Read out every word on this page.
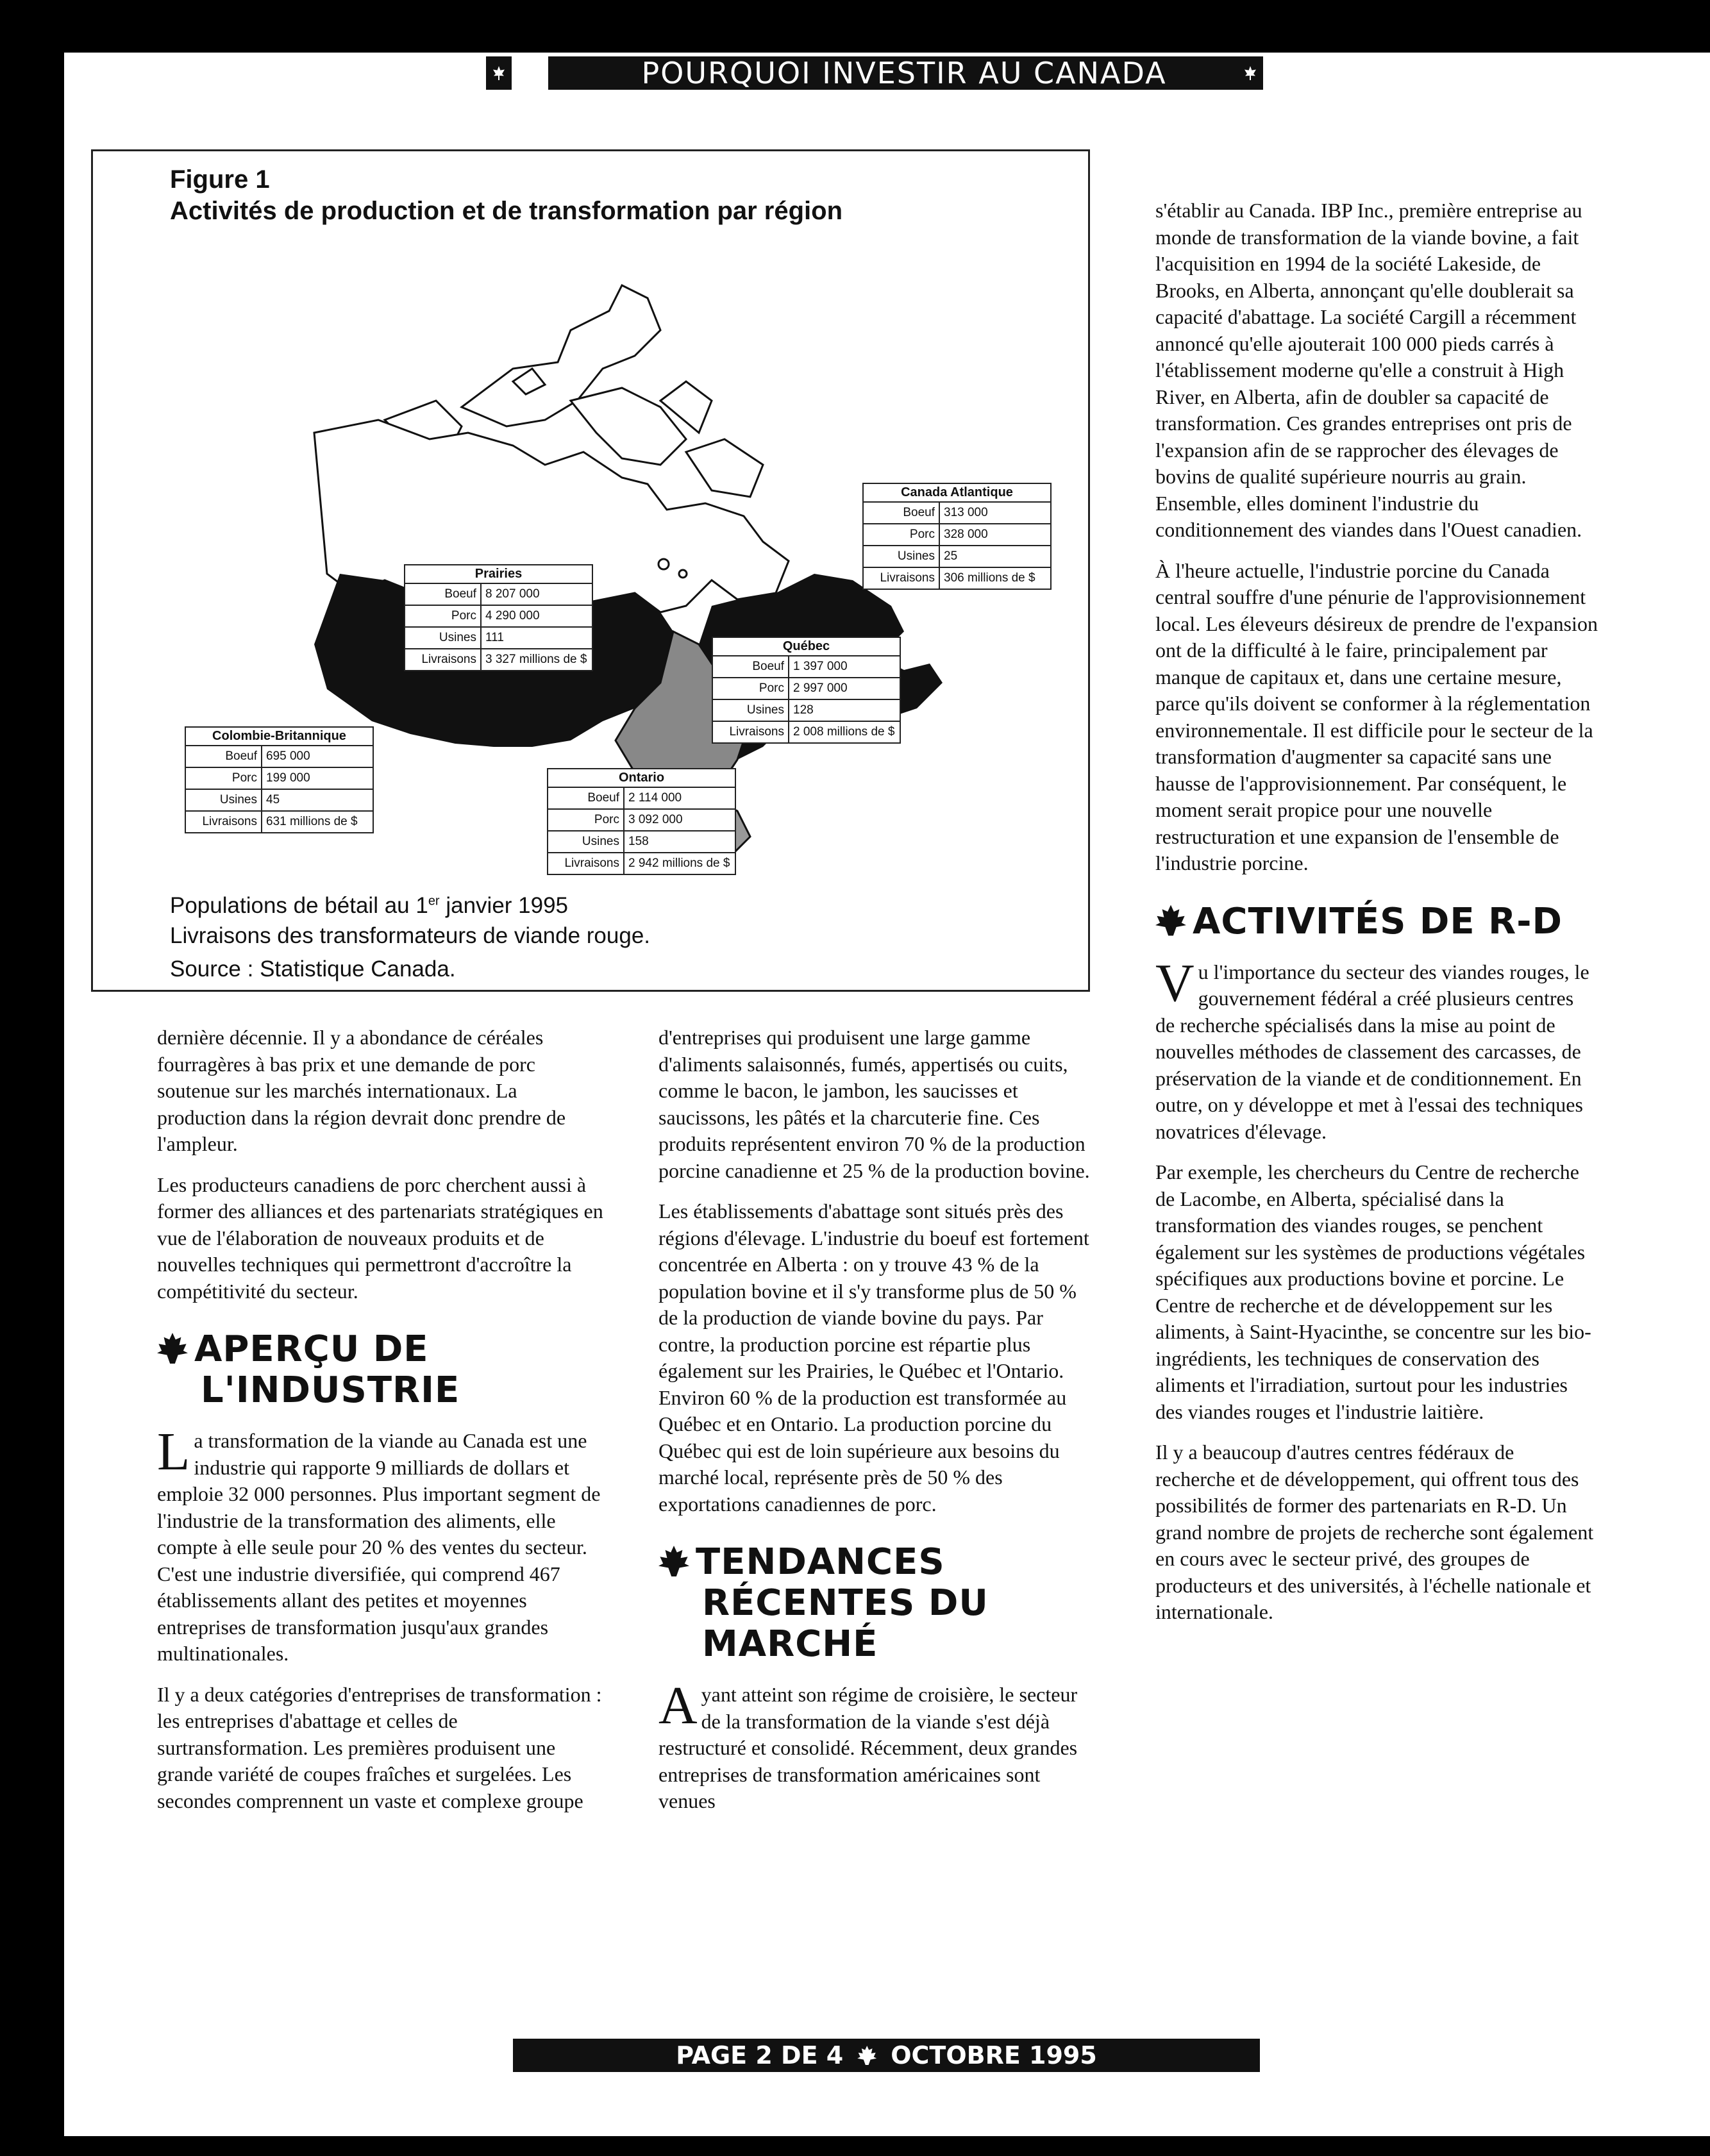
POURQUOI INVESTIR AU CANADA
Figure 1
Activités de production et de transformation par région
Canada Atlantique
Boeuf	313 000
Porc	328 000
Usines	25
Livraisons	306 millions de $
Prairies
Boeuf	8 207 000
Porc	4 290 000
Usines	111
Livraisons	3 327 millions de $
Québec
Boeuf	1 397 000
Porc	2 997 000
Usines	128
Livraisons	2 008 millions de $
Colombie-Britannique
Boeuf	695 000
Porc	199 000
Usines	45
Livraisons	631 millions de $
Ontario
Boeuf	2 114 000
Porc	3 092 000
Usines	158
Livraisons	2 942 millions de $
Populations de bétail au 1er janvier 1995
Livraisons des transformateurs de viande rouge.
Source : Statistique Canada.

dernière décennie. Il y a abondance de céréales fourragères à bas prix et une demande de porc soutenue sur les marchés internationaux. La production dans la région devrait donc prendre de l'ampleur.

Les producteurs canadiens de porc cherchent aussi à former des alliances et des partenariats stratégiques en vue de l'élaboration de nouveaux produits et de nouvelles techniques qui permettront d'accroître la compétitivité du secteur.

APERÇU DE
L'INDUSTRIE

La transformation de la viande au Canada est une industrie qui rapporte 9 milliards de dollars et emploie 32 000 personnes. Plus important segment de l'industrie de la transformation des aliments, elle compte à elle seule pour 20 % des ventes du secteur. C'est une industrie diversifiée, qui comprend 467 établissements allant des petites et moyennes entreprises de transformation jusqu'aux grandes multinationales.

Il y a deux catégories d'entreprises de transformation : les entreprises d'abattage et celles de surtransformation. Les premières produisent une grande variété de coupes fraîches et surgelées. Les secondes comprennent un vaste et complexe groupe

d'entreprises qui produisent une large gamme d'aliments salaisonnés, fumés, appertisés ou cuits, comme le bacon, le jambon, les saucisses et saucissons, les pâtés et la charcuterie fine. Ces produits représentent environ 70 % de la production porcine canadienne et 25 % de la production bovine.

Les établissements d'abattage sont situés près des régions d'élevage. L'industrie du boeuf est fortement concentrée en Alberta : on y trouve 43 % de la population bovine et il s'y transforme plus de 50 % de la production de viande bovine du pays. Par contre, la production porcine est répartie plus également sur les Prairies, le Québec et l'Ontario. Environ 60 % de la production est transformée au Québec et en Ontario. La production porcine du Québec qui est de loin supérieure aux besoins du marché local, représente près de 50 % des exportations canadiennes de porc.

TENDANCES
RÉCENTES DU
MARCHÉ

Ayant atteint son régime de croisière, le secteur de la transformation de la viande s'est déjà restructuré et consolidé. Récemment, deux grandes entreprises de transformation américaines sont venues

s'établir au Canada. IBP Inc., première entreprise au monde de transformation de la viande bovine, a fait l'acquisition en 1994 de la société Lakeside, de Brooks, en Alberta, annonçant qu'elle doublerait sa capacité d'abattage. La société Cargill a récemment annoncé qu'elle ajouterait 100 000 pieds carrés à l'établissement moderne qu'elle a construit à High River, en Alberta, afin de doubler sa capacité de transformation. Ces grandes entreprises ont pris de l'expansion afin de se rapprocher des élevages de bovins de qualité supérieure nourris au grain. Ensemble, elles dominent l'industrie du conditionnement des viandes dans l'Ouest canadien.

À l'heure actuelle, l'industrie porcine du Canada central souffre d'une pénurie de l'approvisionnement local. Les éleveurs désireux de prendre de l'expansion ont de la difficulté à le faire, principalement par manque de capitaux et, dans une certaine mesure, parce qu'ils doivent se conformer à la réglementation environnementale. Il est difficile pour le secteur de la transformation d'augmenter sa capacité sans une hausse de l'approvisionnement. Par conséquent, le moment serait propice pour une nouvelle restructuration et une expansion de l'ensemble de l'industrie porcine.

ACTIVITÉS DE R-D

Vu l'importance du secteur des viandes rouges, le gouvernement fédéral a créé plusieurs centres de recherche spécialisés dans la mise au point de nouvelles méthodes de classement des carcasses, de préservation de la viande et de conditionnement. En outre, on y développe et met à l'essai des techniques novatrices d'élevage.

Par exemple, les chercheurs du Centre de recherche de Lacombe, en Alberta, spécialisé dans la transformation des viandes rouges, se penchent également sur les systèmes de productions végétales spécifiques aux productions bovine et porcine. Le Centre de recherche et de développement sur les aliments, à Saint-Hyacinthe, se concentre sur les bio-ingrédients, les techniques de conservation des aliments et l'irradiation, surtout pour les industries des viandes rouges et l'industrie laitière.

Il y a beaucoup d'autres centres fédéraux de recherche et de développement, qui offrent tous des possibilités de former des partenariats en R-D. Un grand nombre de projets de recherche sont également en cours avec le secteur privé, des groupes de producteurs et des universités, à l'échelle nationale et internationale.

PAGE 2 DE 4 OCTOBRE 1995
